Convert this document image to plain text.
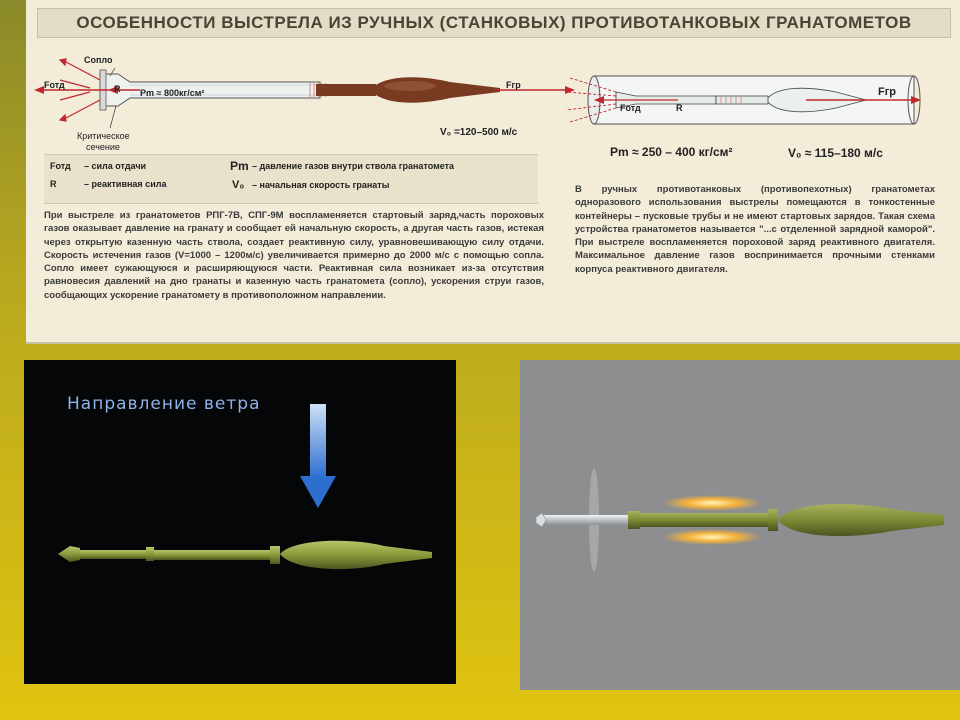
ОСОБЕННОСТИ ВЫСТРЕЛА ИЗ РУЧНЫХ (СТАНКОВЫХ) ПРОТИВОТАНКОВЫХ ГРАНАТОМЕТОВ
Сопло
Fотд	R Pm ≈ 800кг/см²
Fгр
Критическое
сечение
V₀ =120–500 м/с
Fотд – сила отдачи
R	– реактивная сила
Pm – давление газов внутри ствола гранатомета
V₀ – начальная скорость гранаты
Fгр
Fотд	R
Pm ≈ 250 – 400 кг/см²	V₀ ≈ 115–180 м/с
При выстреле из гранатометов РПГ-7В, СПГ-9М воспламеняется стартовый заряд,часть пороховых газов оказывает давление на гранату и сообщает ей начальную скорость, а другая часть газов, истекая через открытую казенную часть ствола, создает реактивную силу, уравновешивающую силу отдачи. Скорость истечения газов (V=1000 – 1200м/с) увеличивается примерно до 2000 м/с с помощью сопла. Сопло имеет сужающуюся и расширяющуюся части. Реактивная сила возникает из-за отсутствия равновесия давлений на дно гранаты и казенную часть гранатомета (сопло), ускорения струи газов, сообщающих ускорение гранатомету в противоположном направлении.
В ручных противотанковых (противопехотных) гранатометах одноразового использования выстрелы помещаются в тонкостенные контейнеры – пусковые трубы и не имеют стартовых зарядов. Такая схема устройства гранатометов называется "...с отделенной зарядной каморой". При выстреле воспламеняется пороховой заряд реактивного двигателя. Максимальное давление газов воспринимается прочными стенками корпуса реактивного двигателя.
Направление ветра
